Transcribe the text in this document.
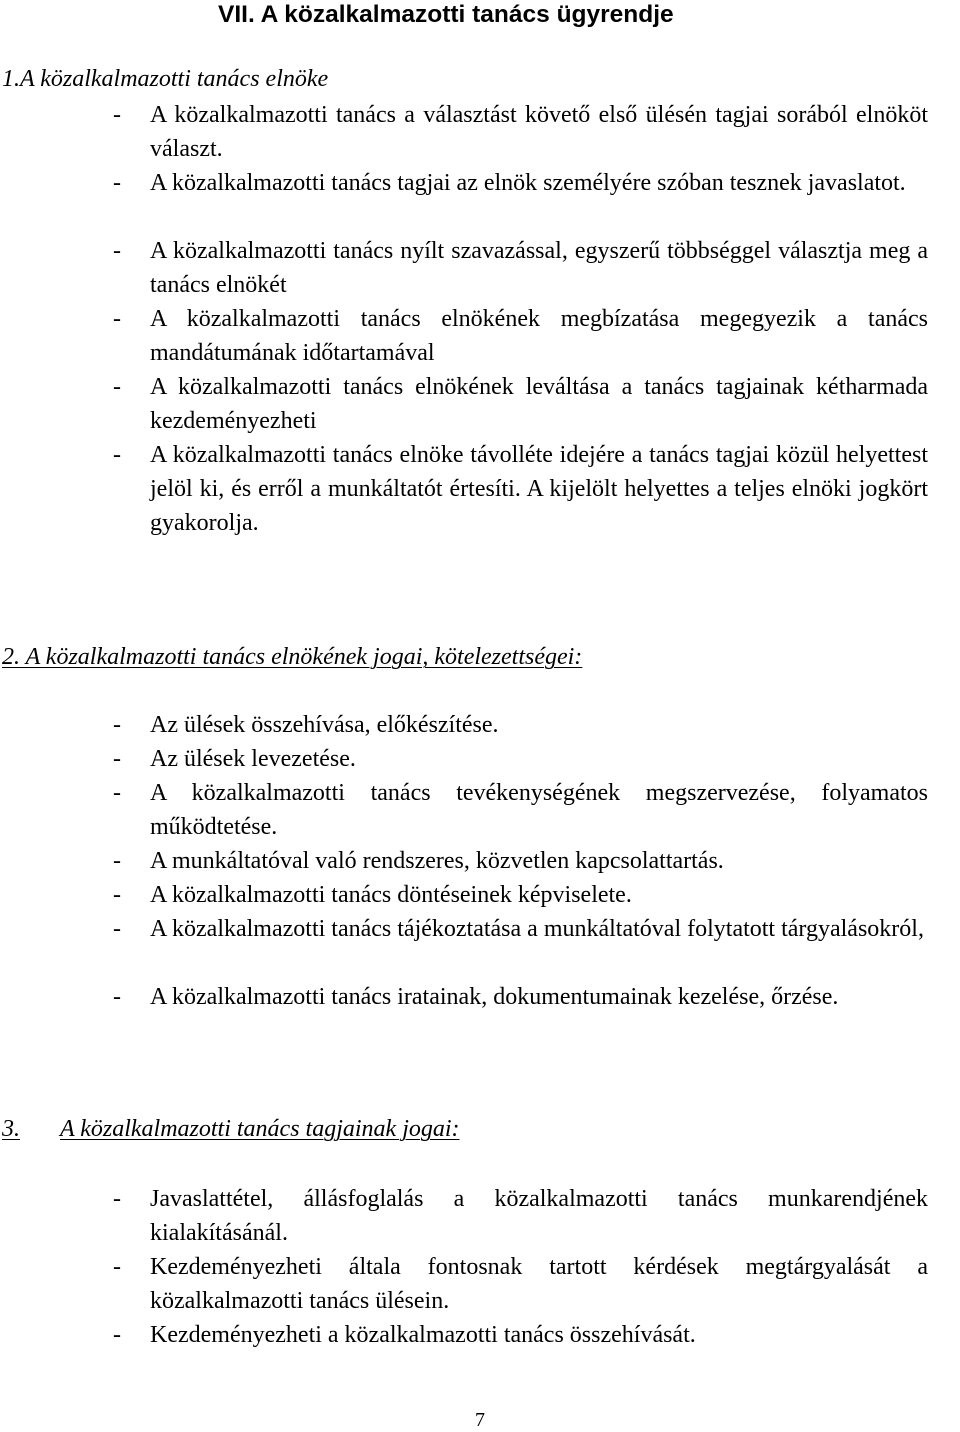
VII. A közalkalmazotti tanács ügyrendje
1.A közalkalmazotti tanács elnöke
- A közalkalmazotti tanács a választást követő első ülésén tagjai sorából elnököt választ.
- A közalkalmazotti tanács tagjai az elnök személyére szóban tesznek javaslatot.
- A közalkalmazotti tanács nyílt szavazással, egyszerű többséggel választja meg a tanács elnökét
- A közalkalmazotti tanács elnökének megbízatása megegyezik a tanács mandátumának időtartamával
- A közalkalmazotti tanács elnökének leváltása a tanács tagjainak kétharmada kezdeményezheti
- A közalkalmazotti tanács elnöke távolléte idejére a tanács tagjai közül helyettest jelöl ki, és erről a munkáltatót értesíti. A kijelölt helyettes a teljes elnöki jogkört gyakorolja.
2. A közalkalmazotti tanács elnökének jogai, kötelezettségei:
- Az ülések összehívása, előkészítése.
- Az ülések levezetése.
- A közalkalmazotti tanács tevékenységének megszervezése, folyamatos működtetése.
- A munkáltatóval való rendszeres, közvetlen kapcsolattartás.
- A közalkalmazotti tanács döntéseinek képviselete.
- A közalkalmazotti tanács tájékoztatása a munkáltatóval folytatott tárgyalásokról,
- A közalkalmazotti tanács iratainak, dokumentumainak kezelése, őrzése.
3. A közalkalmazotti tanács tagjainak jogai:
- Javaslattétel, állásfoglalás a közalkalmazotti tanács munkarendjének kialakításánál.
- Kezdeményezheti általa fontosnak tartott kérdések megtárgyalását a közalkalmazotti tanács ülésein.
- Kezdeményezheti a közalkalmazotti tanács összehívását.
7
